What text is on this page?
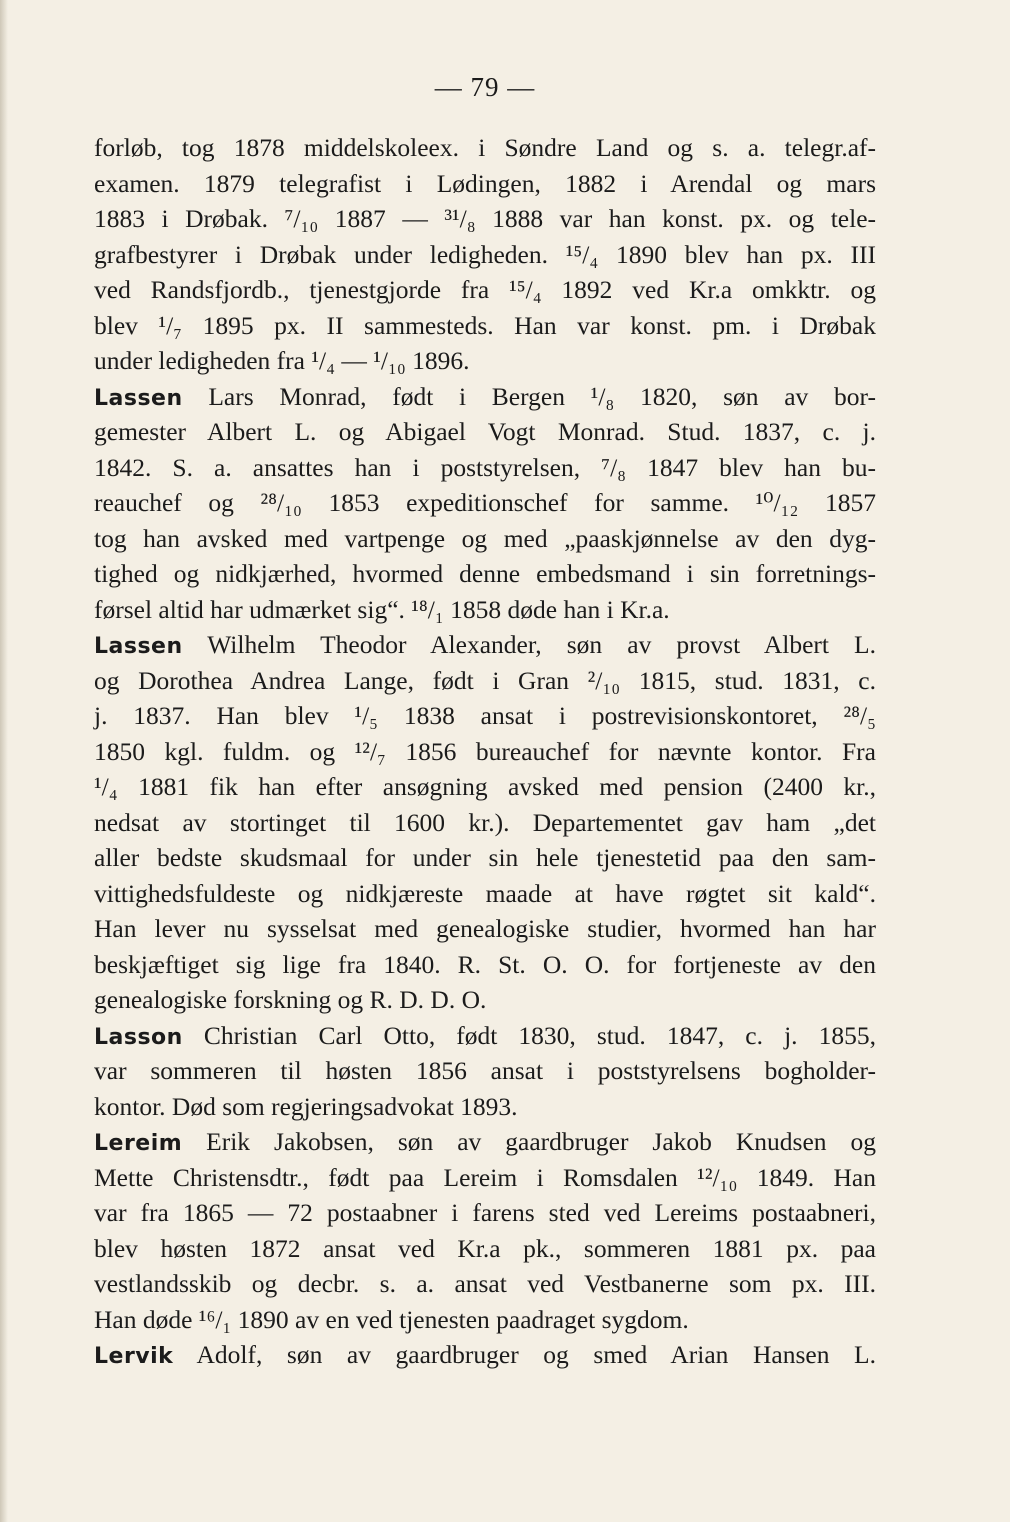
— 79 —
forløb, tog 1878 middelskoleex. i Søndre Land og s. a. telegr.af-
examen. 1879 telegrafist i Lødingen, 1882 i Arendal og mars
1883 i Drøbak. ⁷/₁₀ 1887 — ³¹/₈ 1888 var han konst. px. og tele-
grafbestyrer i Drøbak under ledigheden. ¹⁵/₄ 1890 blev han px. III
ved Randsfjordb., tjenestgjorde fra ¹⁵/₄ 1892 ved Kr.a omkktr. og
blev ¹/₇ 1895 px. II sammesteds. Han var konst. pm. i Drøbak
under ledigheden fra ¹/₄ — ¹/₁₀ 1896.
Lassen Lars Monrad, født i Bergen ¹/₈ 1820, søn av bor-
gemester Albert L. og Abigael Vogt Monrad. Stud. 1837, c. j.
1842. S. a. ansattes han i poststyrelsen, ⁷/₈ 1847 blev han bu-
reauchef og ²⁸/₁₀ 1853 expeditionschef for samme. ¹⁰/₁₂ 1857
tog han avsked med vartpenge og med „paaskjønnelse av den dyg-
tighed og nidkjærhed, hvormed denne embedsmand i sin forretnings-
førsel altid har udmærket sig“. ¹⁸/₁ 1858 døde han i Kr.a.
Lassen Wilhelm Theodor Alexander, søn av provst Albert L.
og Dorothea Andrea Lange, født i Gran ²/₁₀ 1815, stud. 1831, c.
j. 1837. Han blev ¹/₅ 1838 ansat i postrevisionskontoret, ²⁸/₅
1850 kgl. fuldm. og ¹²/₇ 1856 bureauchef for nævnte kontor. Fra
¹/₄ 1881 fik han efter ansøgning avsked med pension (2400 kr.,
nedsat av stortinget til 1600 kr.). Departementet gav ham „det
aller bedste skudsmaal for under sin hele tjenestetid paa den sam-
vittighedsfuldeste og nidkjæreste maade at have røgtet sit kald“.
Han lever nu sysselsat med genealogiske studier, hvormed han har
beskjæftiget sig lige fra 1840. R. St. O. O. for fortjeneste av den
genealogiske forskning og R. D. D. O.
Lasson Christian Carl Otto, født 1830, stud. 1847, c. j. 1855,
var sommeren til høsten 1856 ansat i poststyrelsens bogholder-
kontor. Død som regjeringsadvokat 1893.
Lereim Erik Jakobsen, søn av gaardbruger Jakob Knudsen og
Mette Christensdtr., født paa Lereim i Romsdalen ¹²/₁₀ 1849. Han
var fra 1865 — 72 postaabner i farens sted ved Lereims postaabneri,
blev høsten 1872 ansat ved Kr.a pk., sommeren 1881 px. paa
vestlandsskib og decbr. s. a. ansat ved Vestbanerne som px. III.
Han døde ¹⁶/₁ 1890 av en ved tjenesten paadraget sygdom.
Lervik Adolf, søn av gaardbruger og smed Arian Hansen L.
